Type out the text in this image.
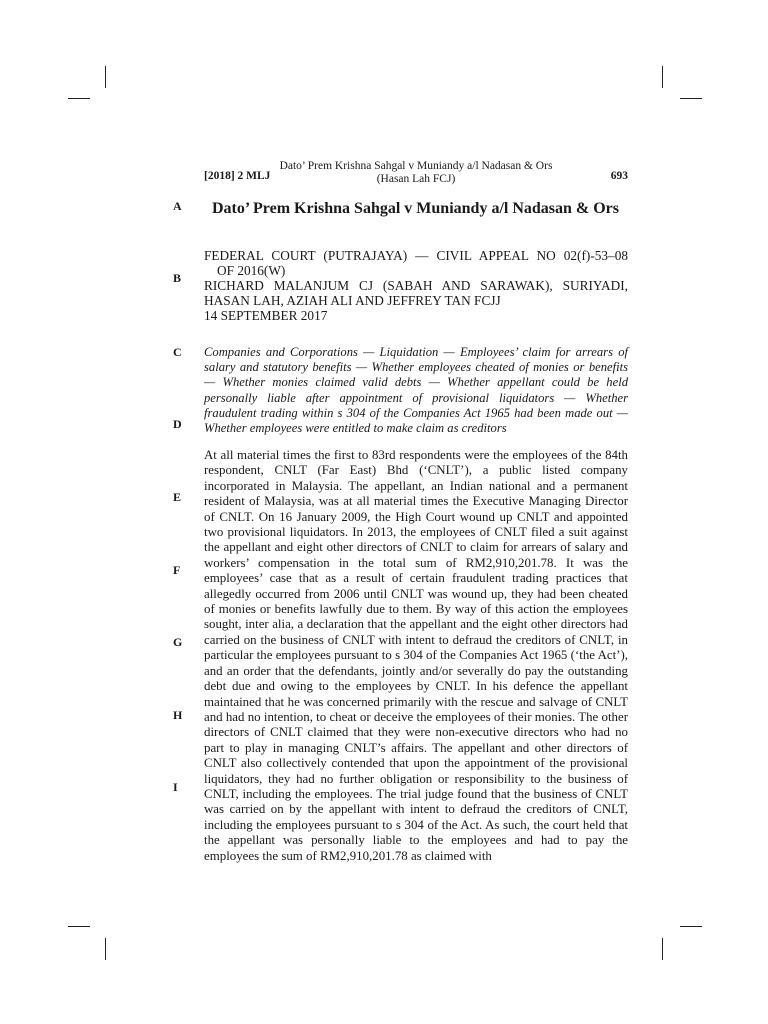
[2018] 2 MLJ
Dato’ Prem Krishna Sahgal v Muniandy a/l Nadasan & Ors
(Hasan Lah FCJ)	693
A
B
C
D
E
F
G
H
I
Dato’ Prem Krishna Sahgal v Muniandy a/l Nadasan & Ors
FEDERAL COURT (PUTRAJAYA) — CIVIL APPEAL NO 02(f)-53–08
OF 2016(W)
RICHARD MALANJUM CJ (SABAH AND SARAWAK), SURIYADI,
HASAN LAH, AZIAH ALI AND JEFFREY TAN FCJJ
14 SEPTEMBER 2017
Companies and Corporations — Liquidation — Employees’ claim for arrears of salary and statutory benefits — Whether employees cheated of monies or benefits — Whether monies claimed valid debts — Whether appellant could be held personally liable after appointment of provisional liquidators — Whether fraudulent trading within s 304 of the Companies Act 1965 had been made out — Whether employees were entitled to make claim as creditors
At all material times the first to 83rd respondents were the employees of the 84th respondent, CNLT (Far East) Bhd (‘CNLT’), a public listed company incorporated in Malaysia. The appellant, an Indian national and a permanent resident of Malaysia, was at all material times the Executive Managing Director of CNLT. On 16 January 2009, the High Court wound up CNLT and appointed two provisional liquidators. In 2013, the employees of CNLT filed a suit against the appellant and eight other directors of CNLT to claim for arrears of salary and workers’ compensation in the total sum of RM2,910,201.78. It was the employees’ case that as a result of certain fraudulent trading practices that allegedly occurred from 2006 until CNLT was wound up, they had been cheated of monies or benefits lawfully due to them. By way of this action the employees sought, inter alia, a declaration that the appellant and the eight other directors had carried on the business of CNLT with intent to defraud the creditors of CNLT, in particular the employees pursuant to s 304 of the Companies Act 1965 (‘the Act’), and an order that the defendants, jointly and/or severally do pay the outstanding debt due and owing to the employees by CNLT. In his defence the appellant maintained that he was concerned primarily with the rescue and salvage of CNLT and had no intention, to cheat or deceive the employees of their monies. The other directors of CNLT claimed that they were non-executive directors who had no part to play in managing CNLT’s affairs. The appellant and other directors of CNLT also collectively contended that upon the appointment of the provisional liquidators, they had no further obligation or responsibility to the business of CNLT, including the employees. The trial judge found that the business of CNLT was carried on by the appellant with intent to defraud the creditors of CNLT, including the employees pursuant to s 304 of the Act. As such, the court held that the appellant was personally liable to the employees and had to pay the employees the sum of RM2,910,201.78 as claimed with
